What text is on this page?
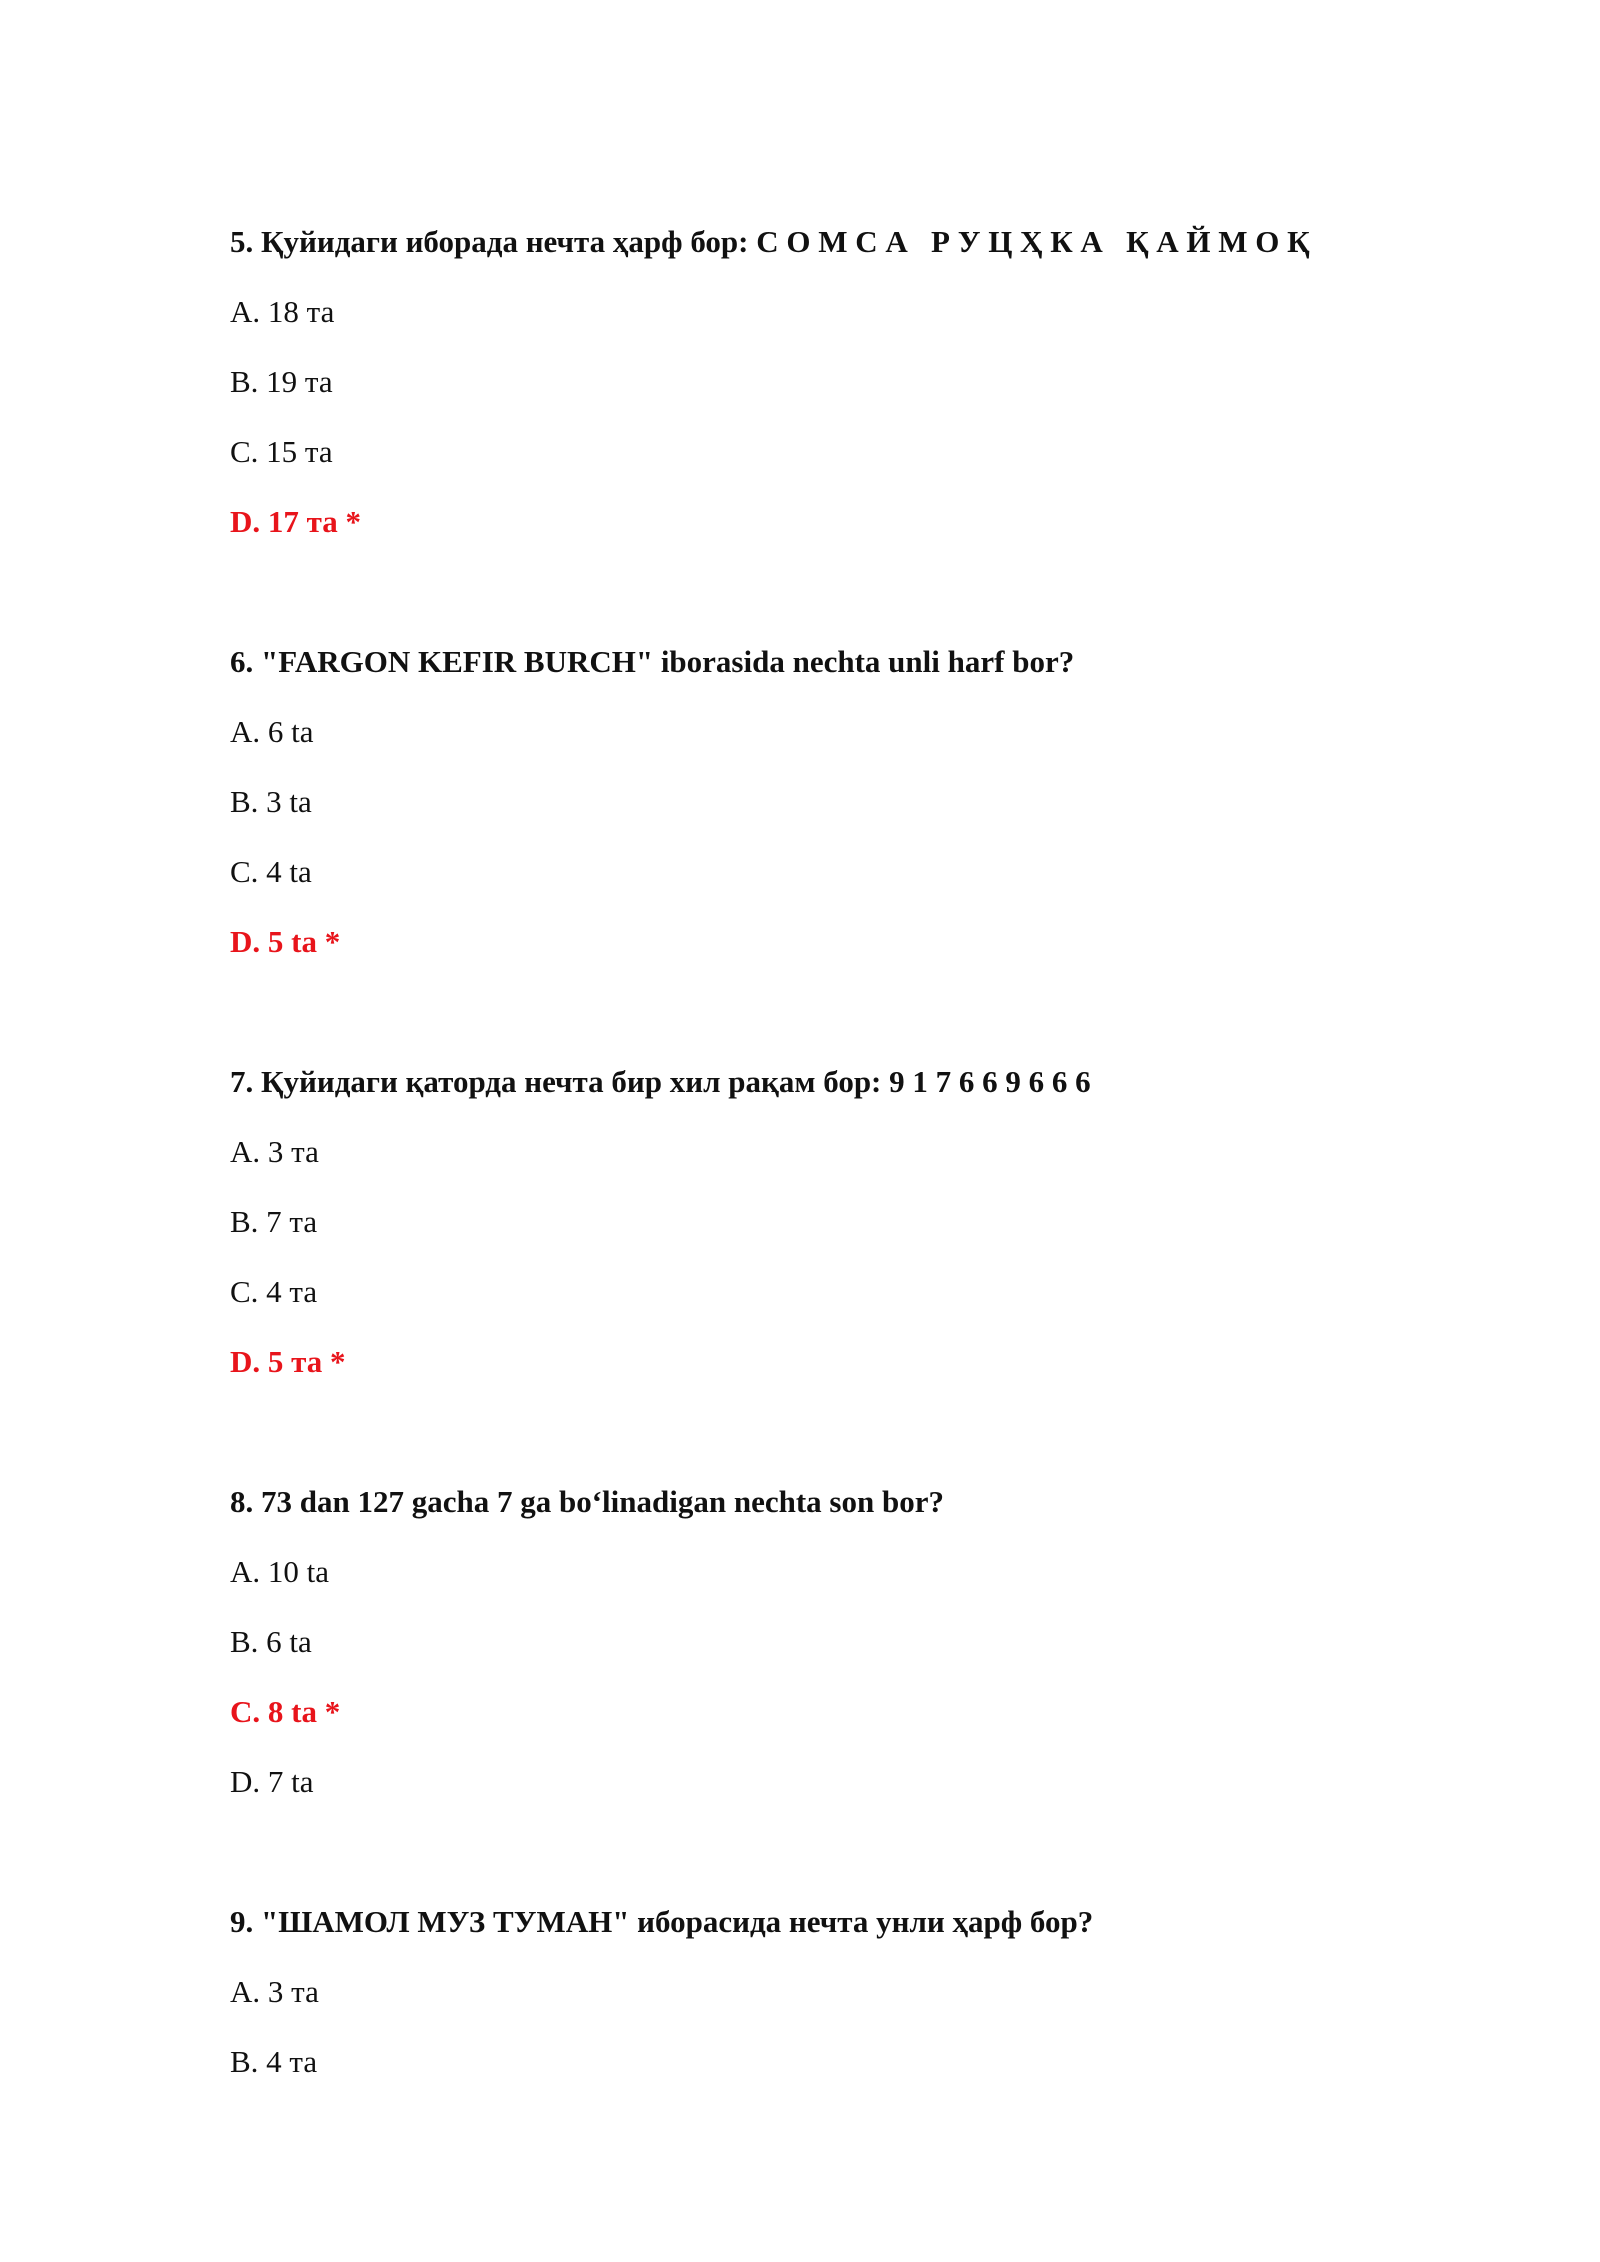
5. Қуйидаги иборада нечта ҳарф бор: С О М С А   Р У Ц Ҳ К А   Қ А Й М О Қ
A. 18 та
B. 19 та
C. 15 та
D. 17 та *
6. "FARGON KEFIR BURCH" iborasida nechta unli harf bor?
A. 6 ta
B. 3 ta
C. 4 ta
D. 5 ta *
7. Қуйидаги қаторда нечта бир хил рақам бор: 9 1 7 6 6 9 6 6 6
A. 3 та
B. 7 та
C. 4 та
D. 5 та *
8. 73 dan 127 gacha 7 ga bo‘linadigan nechta son bor?
A. 10 ta
B. 6 ta
C. 8 ta *
D. 7 ta
9. "ШАМОЛ МУЗ ТУМАН" иборасида нечта унли ҳарф бор?
A. 3 та
B. 4 та
